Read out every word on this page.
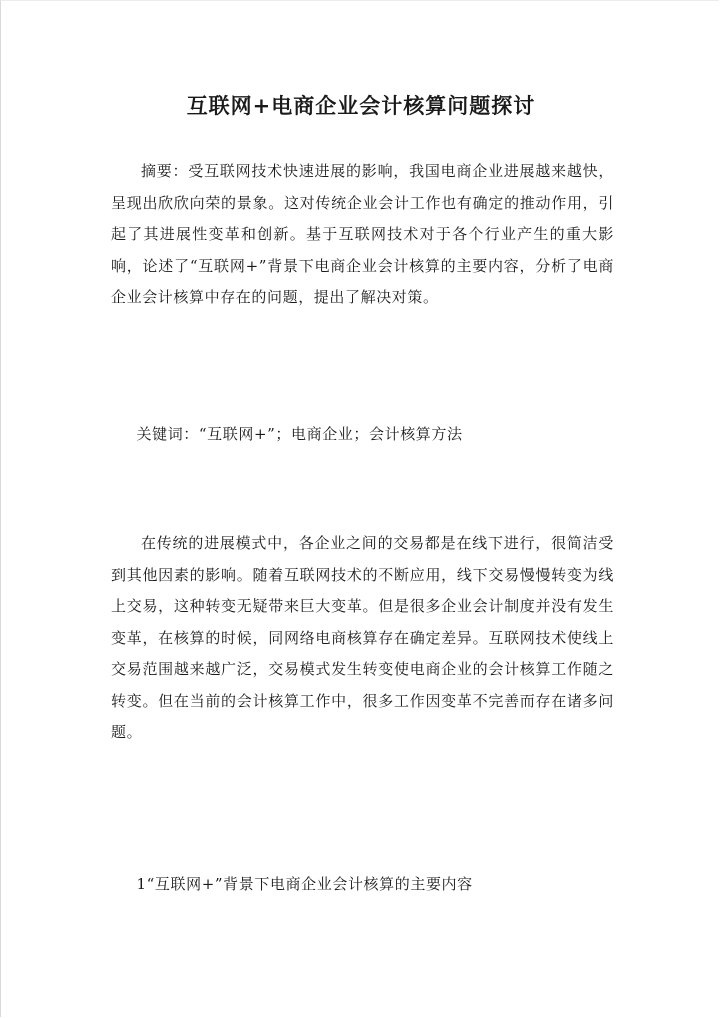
互联网+电商企业会计核算问题探讨

摘要：受互联网技术快速进展的影响，我国电商企业进展越来越快，呈现出欣欣向荣的景象。这对传统企业会计工作也有确定的推动作用，引起了其进展性变革和创新。基于互联网技术对于各个行业产生的重大影响，论述了“互联网+”背景下电商企业会计核算的主要内容，分析了电商企业会计核算中存在的问题，提出了解决对策。

关键词：“互联网+”；电商企业；会计核算方法

在传统的进展模式中，各企业之间的交易都是在线下进行，很简洁受到其他因素的影响。随着互联网技术的不断应用，线下交易慢慢转变为线上交易，这种转变无疑带来巨大变革。但是很多企业会计制度并没有发生变革，在核算的时候，同网络电商核算存在确定差异。互联网技术使线上交易范围越来越广泛，交易模式发生转变使电商企业的会计核算工作随之转变。但在当前的会计核算工作中，很多工作因变革不完善而存在诸多问题。

1“互联网+”背景下电商企业会计核算的主要内容
